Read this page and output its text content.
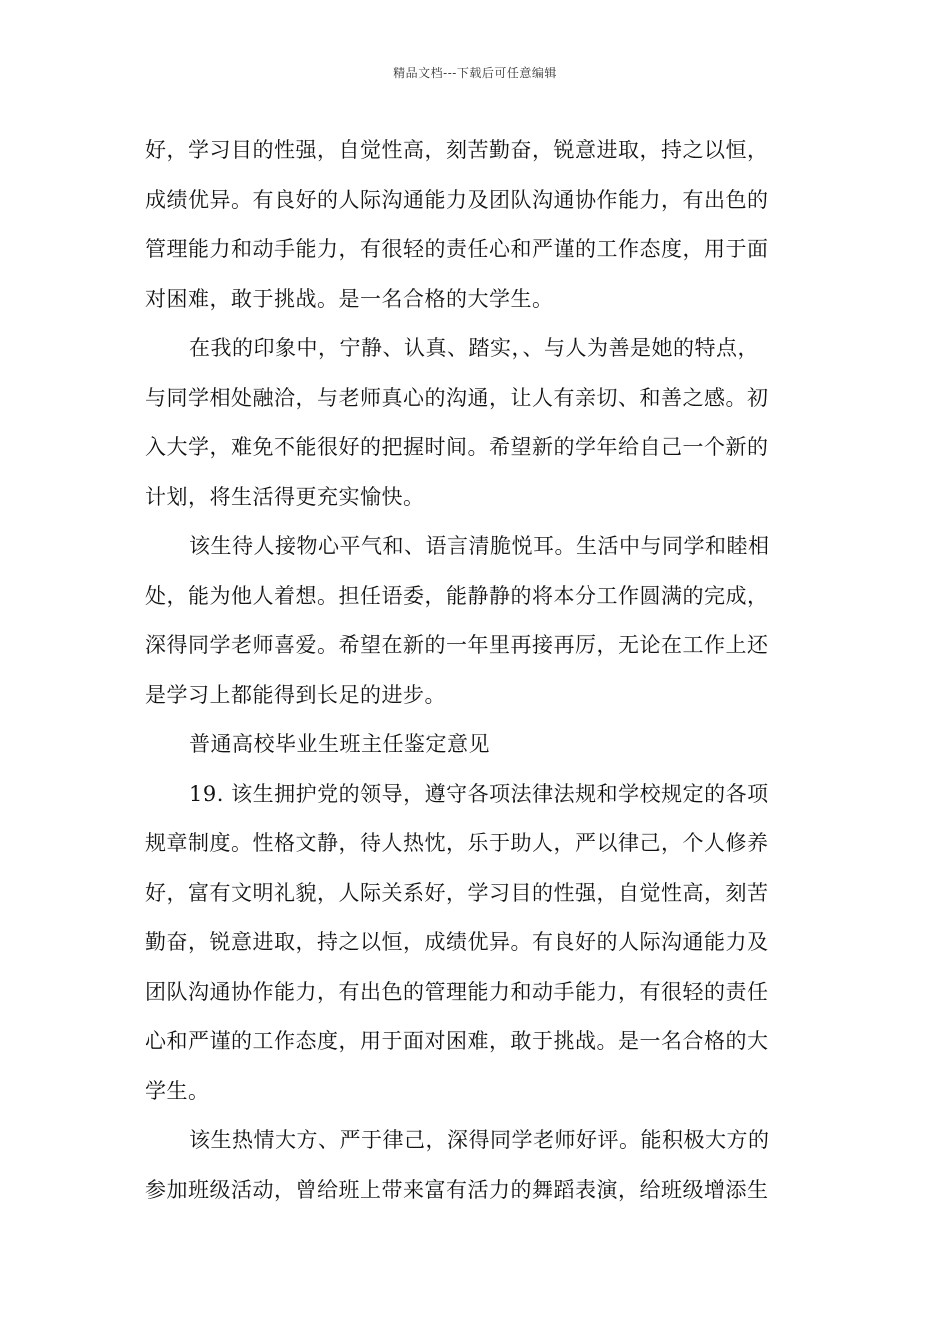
精品文档---下载后可任意编辑
好，学习目的性强，自觉性高，刻苦勤奋，锐意进取，持之以恒，
成绩优异。有良好的人际沟通能力及团队沟通协作能力，有出色的
管理能力和动手能力，有很轻的责任心和严谨的工作态度，用于面
对困难，敢于挑战。是一名合格的大学生。
在我的印象中，宁静、认真、踏实，、与人为善是她的特点，
与同学相处融洽，与老师真心的沟通，让人有亲切、和善之感。初
入大学，难免不能很好的把握时间。希望新的学年给自己一个新的
计划，将生活得更充实愉快。
该生待人接物心平气和、语言清脆悦耳。生活中与同学和睦相
处，能为他人着想。担任语委，能静静的将本分工作圆满的完成，
深得同学老师喜爱。希望在新的一年里再接再厉，无论在工作上还
是学习上都能得到长足的进步。
普通高校毕业生班主任鉴定意见
19. 该生拥护党的领导，遵守各项法律法规和学校规定的各项
规章制度。性格文静，待人热忱，乐于助人，严以律己，个人修养
好，富有文明礼貌，人际关系好，学习目的性强，自觉性高，刻苦
勤奋，锐意进取，持之以恒，成绩优异。有良好的人际沟通能力及
团队沟通协作能力，有出色的管理能力和动手能力，有很轻的责任
心和严谨的工作态度，用于面对困难，敢于挑战。是一名合格的大
学生。
该生热情大方、严于律己，深得同学老师好评。能积极大方的
参加班级活动，曾给班上带来富有活力的舞蹈表演，给班级增添生
